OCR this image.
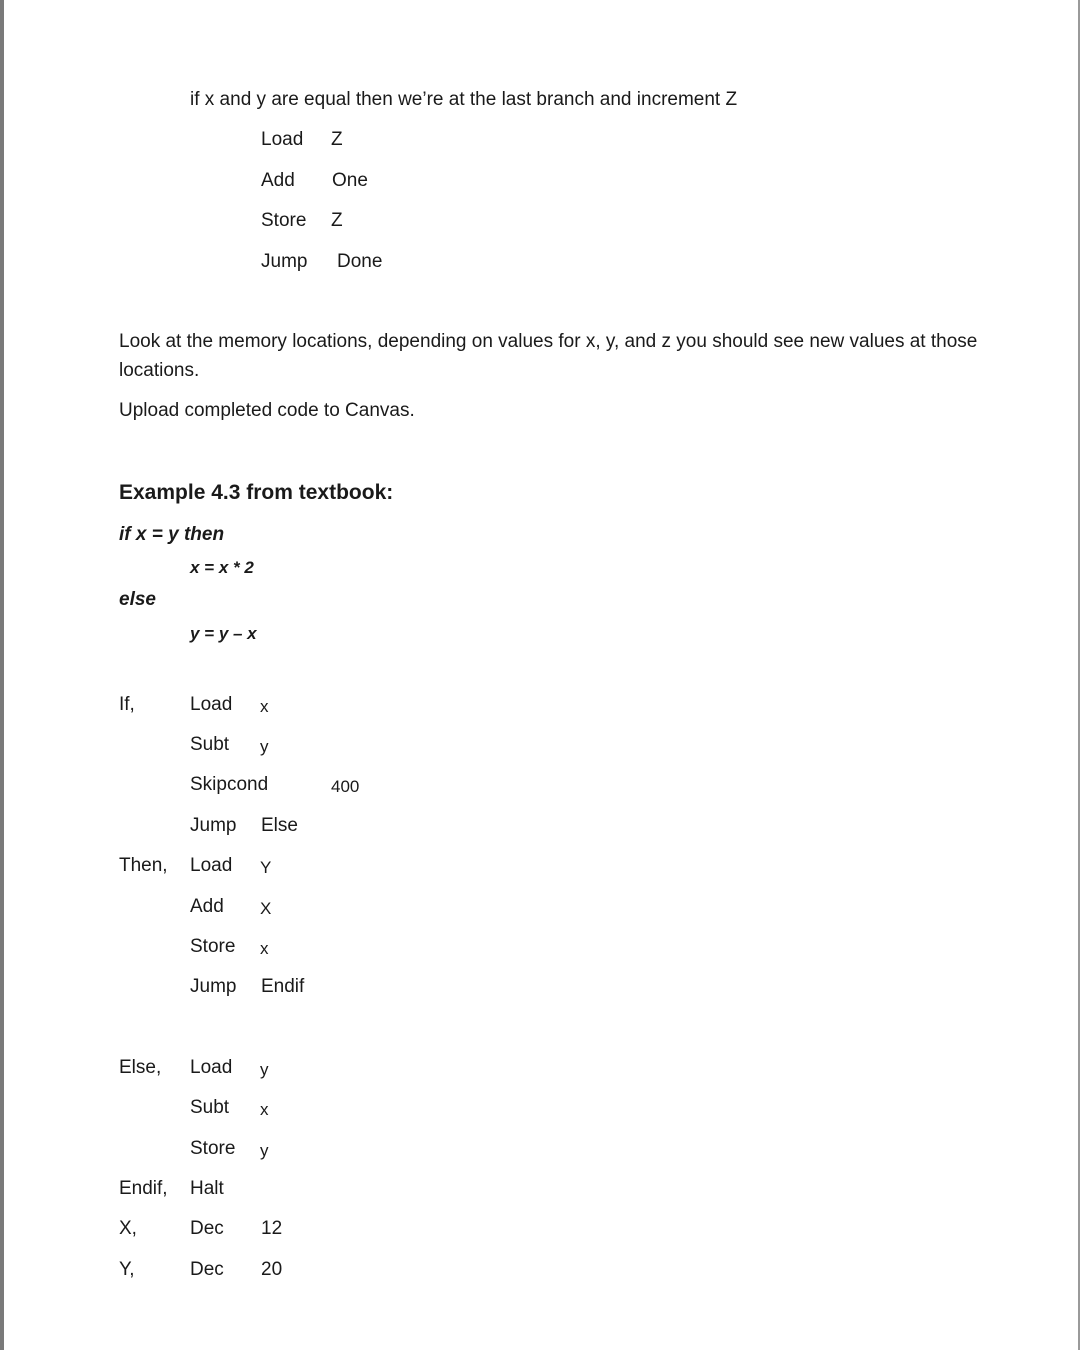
if x and y are equal then we’re at the last branch and increment Z
Load Z
Add One
Store Z
Jump Done
Look at the memory locations, depending on values for x, y, and z you should see new values at those locations.
Upload completed code to Canvas.
Example 4.3 from textbook:
if x = y then
x = x * 2
else
y = y – x
If,	Load x
Subt y
Skipcond	400
Jump Else
Then, Load Y
Add X
Store x
Jump Endif
Else, Load y
Subt x
Store y
Endif, Halt
X,	Dec 12
Y,	Dec 20
